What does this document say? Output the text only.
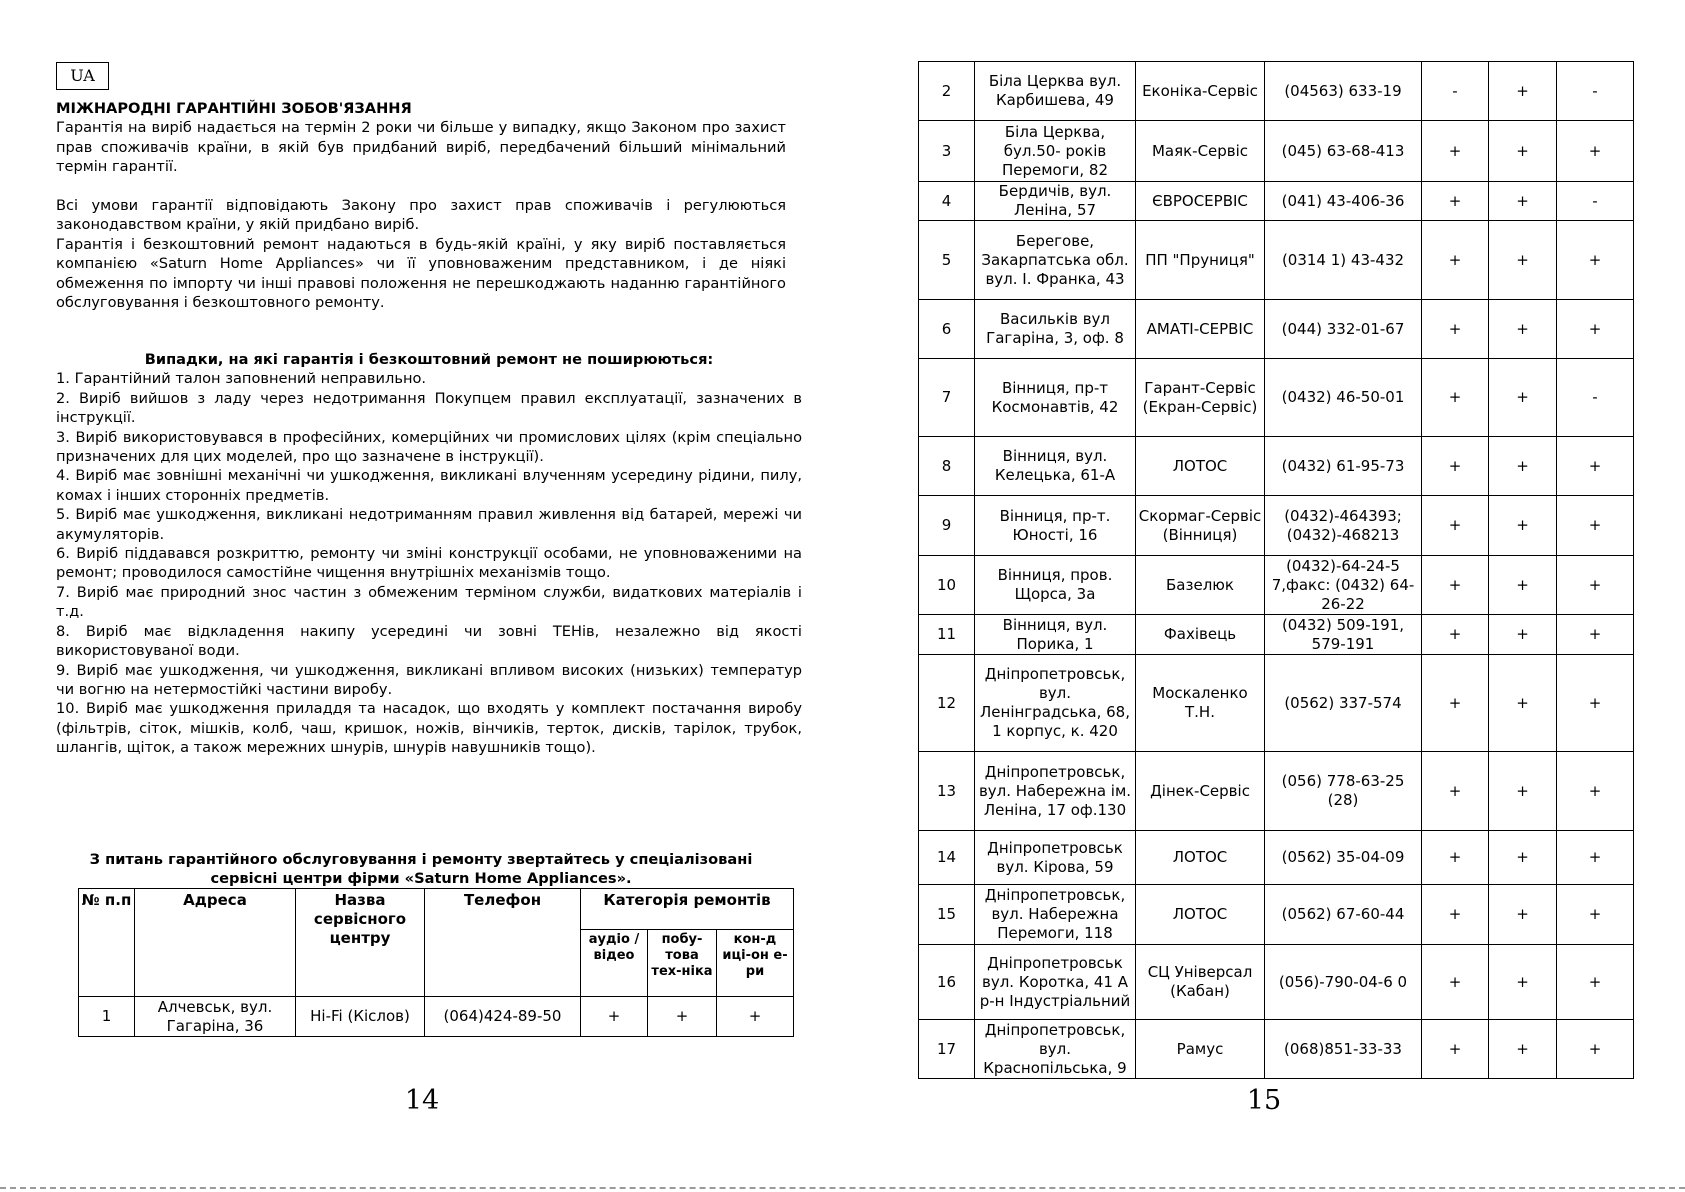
UA

МІЖНАРОДНІ ГАРАНТІЙНІ ЗОБОВ'ЯЗАННЯ

Гарантія на виріб надається на термін 2 роки чи більше у випадку, якщо Законом про захист прав споживачів країни, в якій був придбаний виріб, передбачений більший мінімальний термін гарантії.

Всі умови гарантії відповідають Закону про захист прав споживачів і регулюються законодавством країни, у якій придбано виріб.

Гарантія і безкоштовний ремонт надаються в будь-якій країні, у яку виріб поставляється компанією «Saturn Home Appliances» чи її уповноваженим представником, і де ніякі обмеження по імпорту чи інші правові положення не перешкоджають наданню гарантійного обслуговування і безкоштовного ремонту.

Випадки, на які гарантія і безкоштовний ремонт не поширюються:

1. Гарантійний талон заповнений неправильно.

2. Виріб вийшов з ладу через недотримання Покупцем правил експлуатації, зазначених в інструкції.

3. Виріб використовувався в професійних, комерційних чи промислових цілях (крім спеціально призначених для цих моделей, про що зазначене в інструкції).

4. Виріб має зовнішні механічні чи ушкодження, викликані влученням усередину рідини, пилу, комах і інших сторонніх предметів.

5. Виріб має ушкодження, викликані недотриманням правил живлення від батарей, мережі чи акумуляторів.

6. Виріб піддавався розкриттю, ремонту чи зміні конструкції особами, не уповноваженими на ремонт; проводилося самостійне чищення внутрішніх механізмів тощо.

7. Виріб має природний знос частин з обмеженим терміном служби, видаткових матеріалів і т.д.

8. Виріб має відкладення накипу усередині чи зовні ТЕНів, незалежно від якості використовуваної води.

9. Виріб має ушкодження, чи ушкодження, викликані впливом високих (низьких) температур чи вогню на нетермостійкі частини виробу.

10. Виріб має ушкодження приладдя та насадок, що входять у комплект постачання виробу (фільтрів, сіток, мішків, колб, чаш, кришок, ножів, вінчиків, терток, дисків, тарілок, трубок, шлангів, щіток, а також мережних шнурів, шнурів навушників тощо).

З питань гарантійного обслуговування і ремонту звертайтесь у спеціалізовані сервісні центри фірми «Saturn Home Appliances».

№ п.п	Адреса	Назва сервісного центру	Телефон	Категорія ремонтів		
				аудіо / відео	побу-това тех-ніка	кон-д иці-он е-ри
1	Алчевськ, вул. Гагаріна, 36	Hi-Fi (Кіслов)	(064)424-89-50	+	+	+
14
2	Біла Церква вул. Карбишева, 49	Еконіка-Сервіс	(04563) 633-19	-	+	-
3	Біла Церква, бул.50- років Перемоги, 82	Маяк-Сервіс	(045) 63-68-413	+	+	+
4	Бердичів, вул. Леніна, 57	ЄВРОСЕРВІС	(041) 43-406-36	+	+	-
5	Берегове, Закарпатська обл. вул. І. Франка, 43	ПП "Пруниця"	(0314 1) 43-432	+	+	+
6	Васильків вул Гагаріна, 3, оф. 8	АМАТІ-СЕРВІС	(044) 332-01-67	+	+	+
7	Вінниця, пр-т Космонавтів, 42	Гарант-Сервіс (Екран-Сервіс)	(0432) 46-50-01	+	+	-
8	Вінниця, вул. Келецька, 61-А	ЛОТОС	(0432) 61-95-73	+	+	+
9	Вінниця, пр-т. Юності, 16	Скормаг-Сервіс (Вінниця)	(0432)-464393; (0432)-468213	+	+	+
10	Вінниця, пров. Щорса, 3а	Базелюк	(0432)-64-24-5 7,факс: (0432) 64-26-22	+	+	+
11	Вінниця, вул. Порика, 1	Фахівець	(0432) 509-191, 579-191	+	+	+
12	Дніпропетровськ, вул. Ленінградська, 68, 1 корпус, к. 420	Москаленко Т.Н.	(0562) 337-574	+	+	+
13	Дніпропетровськ, вул. Набережна ім. Леніна, 17 оф.130	Дінек-Сервіс	(056) 778-63-25 (28)	+	+	+
14	Дніпропетровськ вул. Кірова, 59	ЛОТОС	(0562) 35-04-09	+	+	+
15	Дніпропетровськ, вул. Набережна Перемоги, 118	ЛОТОС	(0562) 67-60-44	+	+	+
16	Дніпропетровськ вул. Коротка, 41 А р-н Індустріальний	СЦ Універсал (Кабан)	(056)-790-04-6 0	+	+	+
17	Дніпропетровськ, вул. Краснопільська, 9	Рамус	(068)851-33-33	+	+	+
15
